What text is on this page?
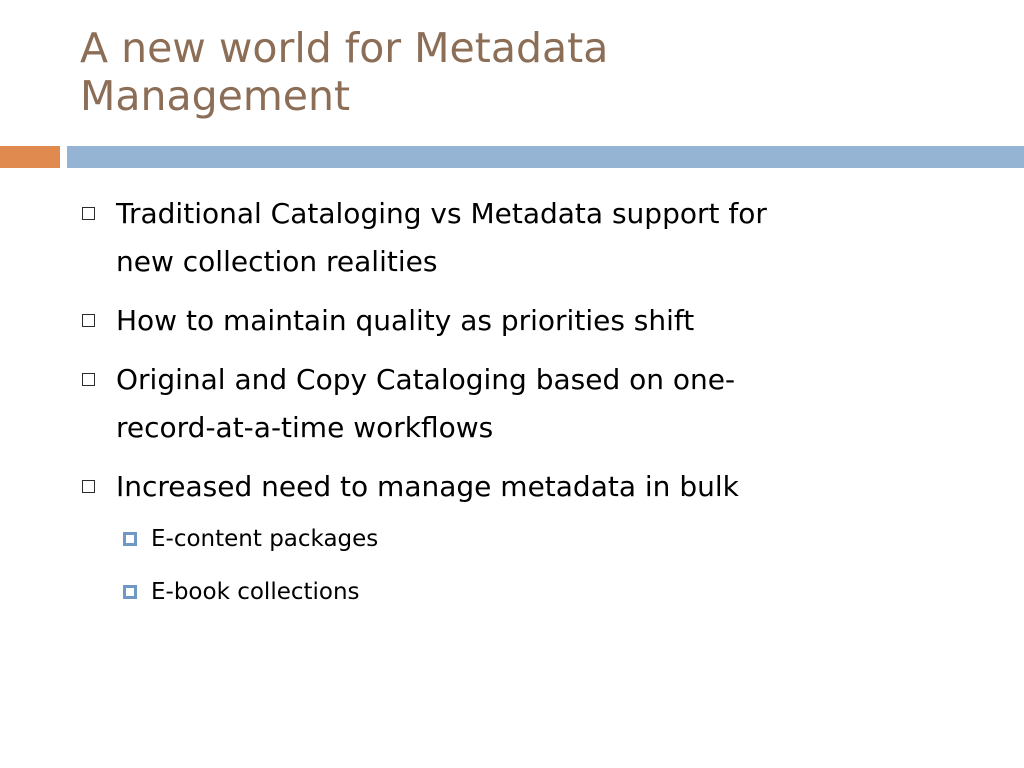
A new world for Metadata
Management
Traditional Cataloging vs Metadata support for
new collection realities
How to maintain quality as priorities shift
Original and Copy Cataloging based on one-
record-at-a-time workflows
Increased need to manage metadata in bulk
E-content packages
E-book collections
